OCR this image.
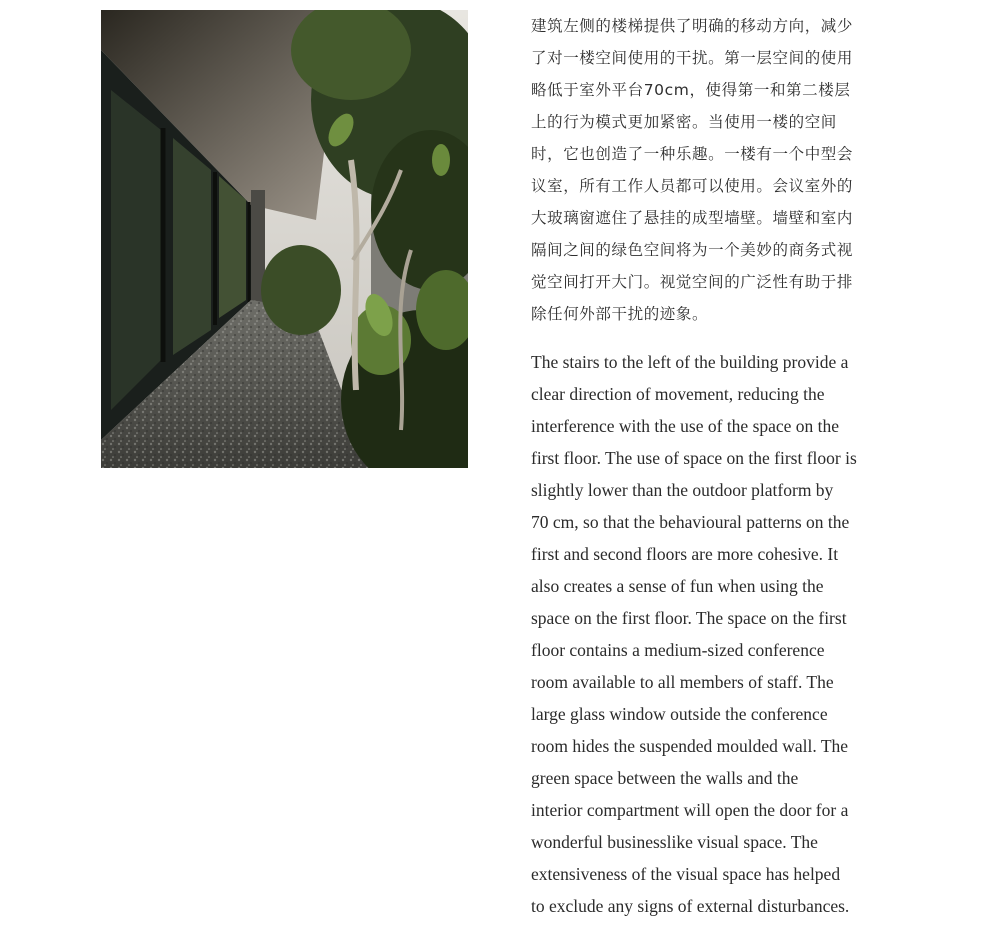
建筑左侧的楼梯提供了明确的移动方向，减少
了对一楼空间使用的干扰。第一层空间的使用
略低于室外平台70cm，使得第一和第二楼层
上的行为模式更加紧密。当使用一楼的空间
时，它也创造了一种乐趣。一楼有一个中型会
议室，所有工作人员都可以使用。会议室外的
大玻璃窗遮住了悬挂的成型墙壁。墙壁和室内
隔间之间的绿色空间将为一个美妙的商务式视
觉空间打开大门。视觉空间的广泛性有助于排
除任何外部干扰的迹象。

The stairs to the left of the building provide a
clear direction of movement, reducing the
interference with the use of the space on the
first floor. The use of space on the first floor is
slightly lower than the outdoor platform by
70 cm, so that the behavioural patterns on the
first and second floors are more cohesive. It
also creates a sense of fun when using the
space on the first floor. The space on the first
floor contains a medium-sized conference
room available to all members of staff. The
large glass window outside the conference
room hides the suspended moulded wall. The
green space between the walls and the
interior compartment will open the door for a
wonderful businesslike visual space. The
extensiveness of the visual space has helped
to exclude any signs of external disturbances.
